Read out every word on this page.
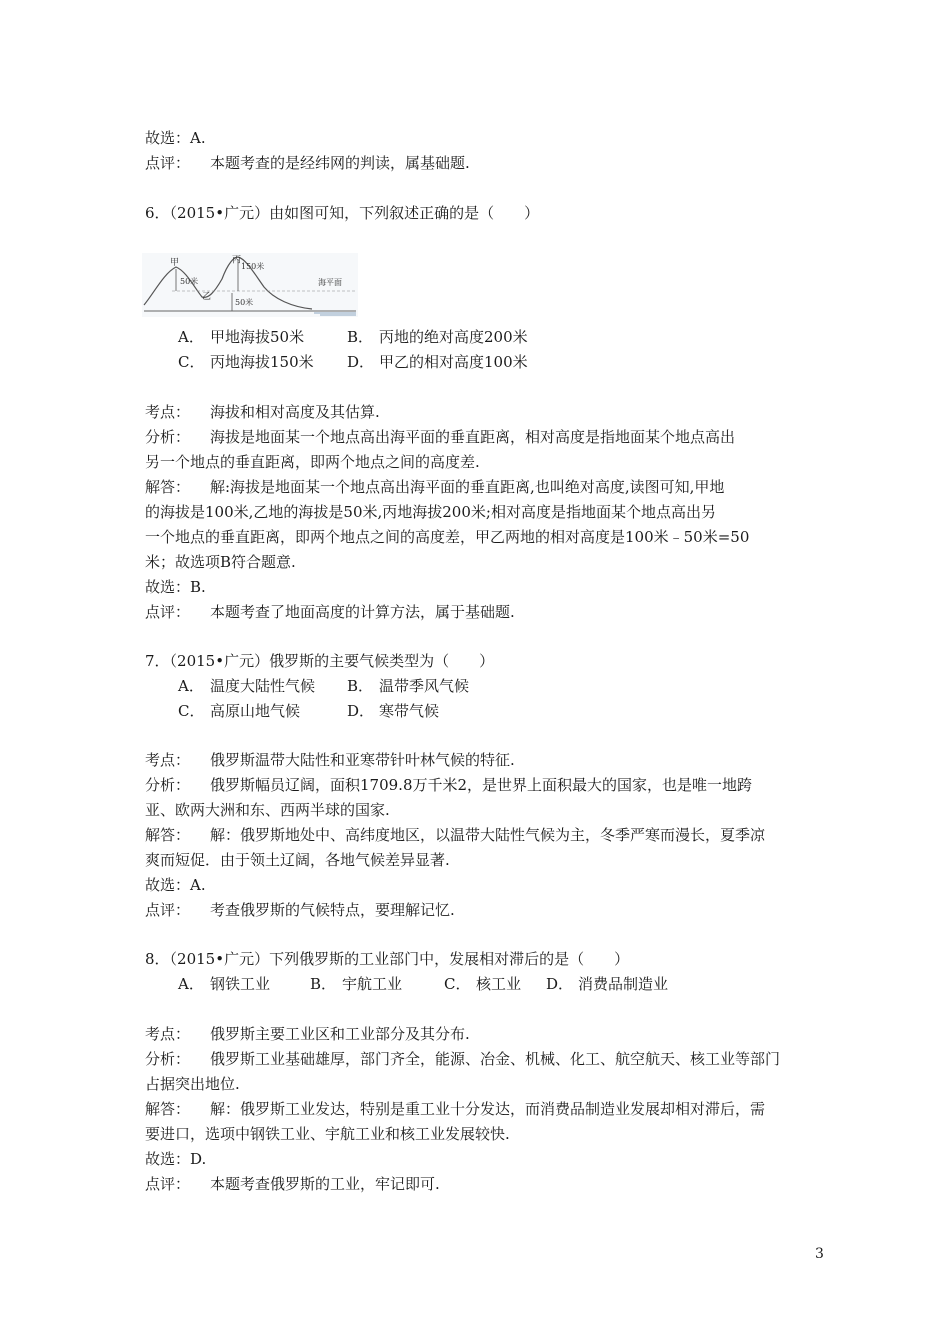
故选：A.
点评： 本题考查的是经纬网的判读，属基础题.
6．（2015•广元）由如图可知，下列叙述正确的是（　　）
甲	丙
乙
50米
150米
50米
海平面
A． 甲地海拔50米	B． 丙地的绝对高度200米
C． 丙地海拔150米 D． 甲乙的相对高度100米
考点： 海拔和相对高度及其估算.
分析： 海拔是地面某一个地点高出海平面的垂直距离，相对高度是指地面某个地点高出
另一个地点的垂直距离，即两个地点之间的高度差.
解答： 解:海拔是地面某一个地点高出海平面的垂直距离,也叫绝对高度,读图可知,甲地
的海拔是100米,乙地的海拔是50米,丙地海拔200米;相对高度是指地面某个地点高出另
一个地点的垂直距离，即两个地点之间的高度差，甲乙两地的相对高度是100米﹣50米=50
米；故选项B符合题意.
故选：B.
点评： 本题考查了地面高度的计算方法，属于基础题.
7．（2015•广元）俄罗斯的主要气候类型为（　　）
A． 温度大陆性气候 B． 温带季风气候
C． 高原山地气候	D． 寒带气候
考点： 俄罗斯温带大陆性和亚寒带针叶林气候的特征.
分析： 俄罗斯幅员辽阔，面积1709.8万千米2，是世界上面积最大的国家，也是唯一地跨
亚、欧两大洲和东、西两半球的国家.
解答： 解：俄罗斯地处中、高纬度地区，以温带大陆性气候为主，冬季严寒而漫长，夏季凉
爽而短促．由于领土辽阔，各地气候差异显著.
故选：A.
点评： 考查俄罗斯的气候特点，要理解记忆.
8．（2015•广元）下列俄罗斯的工业部门中，发展相对滞后的是（　　）
A． 钢铁工业	B． 宇航工业	C． 核工业 D． 消费品制造业
考点： 俄罗斯主要工业区和工业部分及其分布.
分析： 俄罗斯工业基础雄厚，部门齐全，能源、冶金、机械、化工、航空航天、核工业等部门
占据突出地位.
解答： 解：俄罗斯工业发达，特别是重工业十分发达，而消费品制造业发展却相对滞后，需
要进口，选项中钢铁工业、宇航工业和核工业发展较快.
故选：D.
点评： 本题考查俄罗斯的工业，牢记即可.
3
